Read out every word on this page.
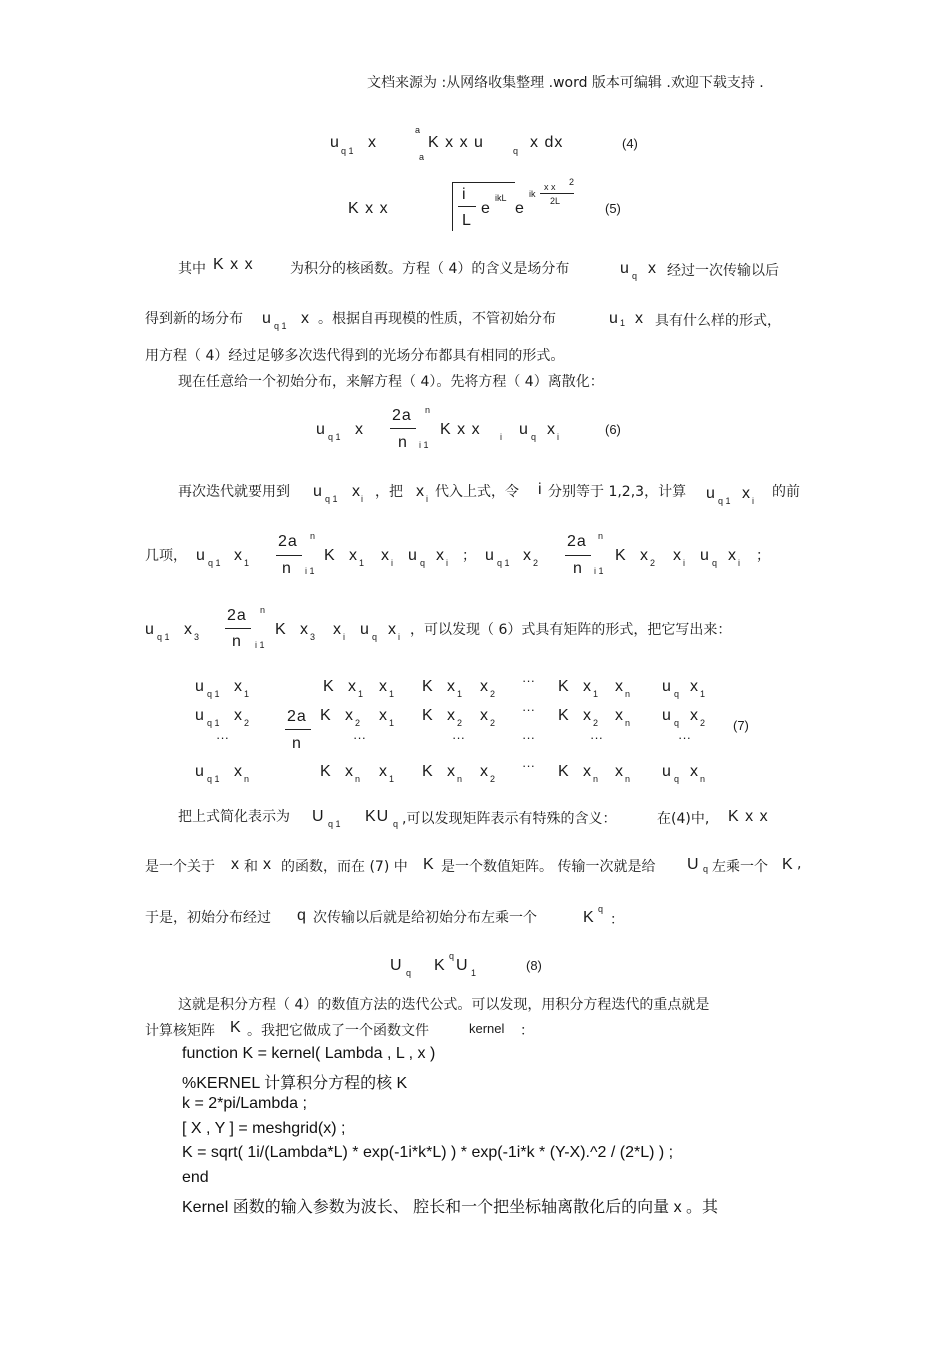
文档来源为 :从网络收集整理 .word 版本可编辑 .欢迎下载支持 .
u q 1 x
a
a
K x x u	q x dx	(4)
K x x
i
L
e
ikL
e
ik
x x 2
2L	(5)
其中 K x x	为积分的核函数。方程（ 4）的含义是场分布	u q x 经过一次传输以后
得到新的场分布 u q 1 x 。根据自再现模的性质，不管初始分布	u 1 x 具有什么样的形式，
用方程（ 4）经过足够多次迭代得到的光场分布都具有相同的形式。
现在任意给一个初始分布，来解方程（ 4）。先将方程（ 4）离散化：
u q 1 x
2a
n
n
i 1
K x x i u q x i	(6)
再次迭代就要用到 u q 1 x i ，把 x i 代入上式，令 i 分别等于 1,2,3，计算 u q 1 x i
的前
几项， u q 1 x 1
2a
n
n
i 1
K x 1 x i u q x i ； u q 1 x 2
2a
n
n
i 1
K x 2 x i u q x i ；
u q 1 x 3
2a
n
n
i 1
K x 3 x i u q x i ，可以发现（ 6）式具有矩阵的形式，把它写出来：
u q 1 x 1
u q 1 x 2
···
u q 1 x n
2a
n
K x 1 x 1 K x 1 x 2
··· K x 1 x n u q x 1
K x 2 x 1 K x 2 x 2
··· K x 2 x n u q x 2
···	···	···	···	···
(7)
K x n x 1 K x n x 2
··· K x n x n u q x n
把上式简化表示为 U q 1 KU q ,可以发现矩阵表示有特殊的含义：	在(4)中, K x x
是一个关于 x 和 x 的函数，而在 (7) 中 K 是一个数值矩阵。 传输一次就是给 U q 左乘一个 K ,
于是，初始分布经过 q 次传输以后就是给初始分布左乘一个	K q
：
U q K
q
U 1	(8)
这就是积分方程（ 4）的数值方法的迭代公式。可以发现，用积分方程迭代的重点就是
计算核矩阵 K 。我把它做成了一个函数文件	kernel ：
function K = kernel( Lambda , L , x )
%KERNEL 计算积分方程的核 K
k = 2*pi/Lambda ;
[ X , Y ] = meshgrid(x) ;
K = sqrt( 1i/(Lambda*L) * exp(-1i*k*L) ) * exp(-1i*k * (Y-X).^2 / (2*L) ) ;
end
Kernel 函数的输入参数为波长、 腔长和一个把坐标轴离散化后的向量 x 。其
